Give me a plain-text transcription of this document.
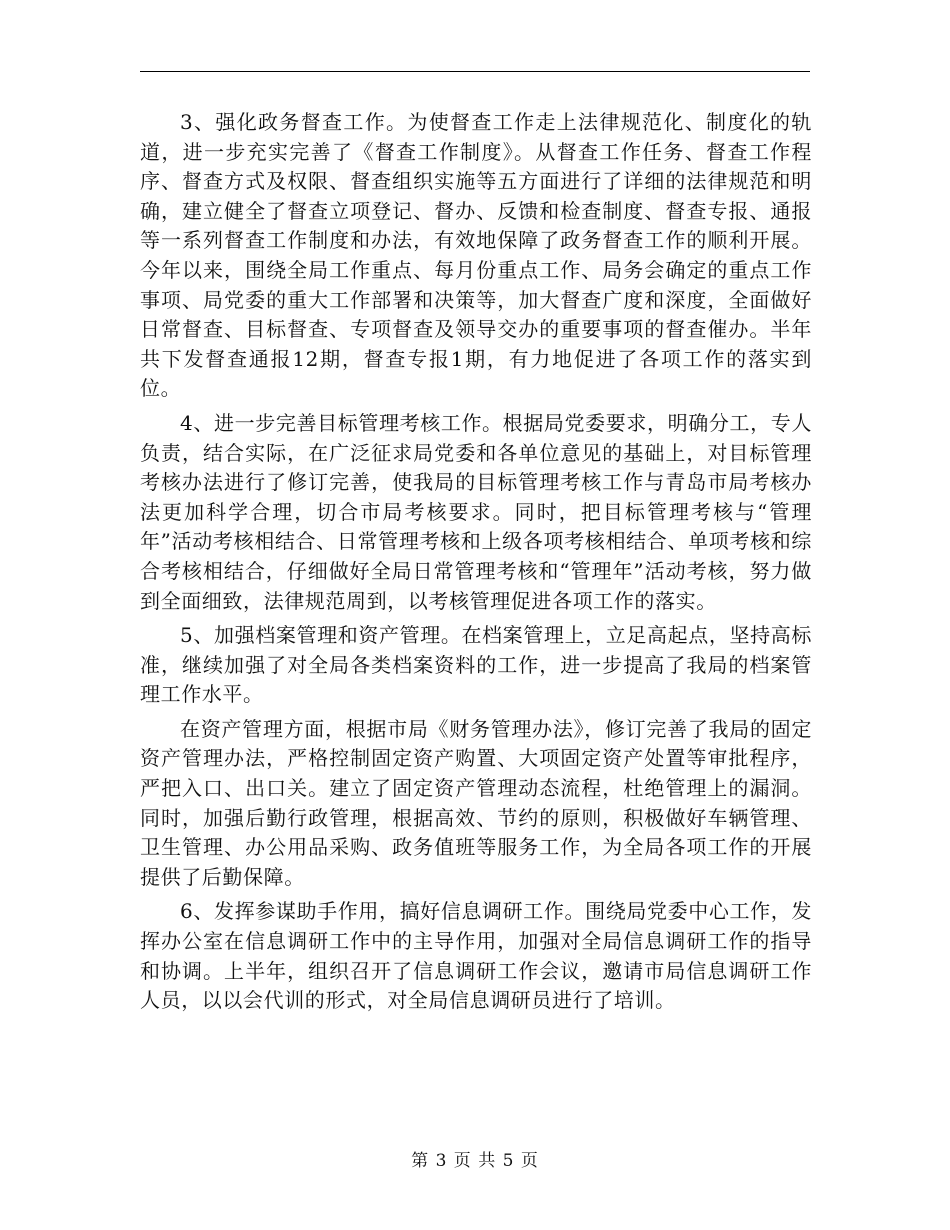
3、强化政务督查工作。为使督查工作走上法律规范化、制度化的轨道，进一步充实完善了《督查工作制度》。从督查工作任务、督查工作程序、督查方式及权限、督查组织实施等五方面进行了详细的法律规范和明确，建立健全了督查立项登记、督办、反馈和检查制度、督查专报、通报等一系列督查工作制度和办法，有效地保障了政务督查工作的顺利开展。今年以来，围绕全局工作重点、每月份重点工作、局务会确定的重点工作事项、局党委的重大工作部署和决策等，加大督查广度和深度，全面做好日常督查、目标督查、专项督查及领导交办的重要事项的督查催办。半年共下发督查通报12期，督查专报1期，有力地促进了各项工作的落实到位。

4、进一步完善目标管理考核工作。根据局党委要求，明确分工，专人负责，结合实际，在广泛征求局党委和各单位意见的基础上，对目标管理考核办法进行了修订完善，使我局的目标管理考核工作与青岛市局考核办法更加科学合理，切合市局考核要求。同时，把目标管理考核与“管理年”活动考核相结合、日常管理考核和上级各项考核相结合、单项考核和综合考核相结合，仔细做好全局日常管理考核和“管理年”活动考核，努力做到全面细致，法律规范周到，以考核管理促进各项工作的落实。

5、加强档案管理和资产管理。在档案管理上，立足高起点，坚持高标准，继续加强了对全局各类档案资料的工作，进一步提高了我局的档案管理工作水平。

在资产管理方面，根据市局《财务管理办法》，修订完善了我局的固定资产管理办法，严格控制固定资产购置、大项固定资产处置等审批程序，严把入口、出口关。建立了固定资产管理动态流程，杜绝管理上的漏洞。同时，加强后勤行政管理，根据高效、节约的原则，积极做好车辆管理、卫生管理、办公用品采购、政务值班等服务工作，为全局各项工作的开展提供了后勤保障。

6、发挥参谋助手作用，搞好信息调研工作。围绕局党委中心工作，发挥办公室在信息调研工作中的主导作用，加强对全局信息调研工作的指导和协调。上半年，组织召开了信息调研工作会议，邀请市局信息调研工作人员，以以会代训的形式，对全局信息调研员进行了培训。

第 3 页 共 5 页
